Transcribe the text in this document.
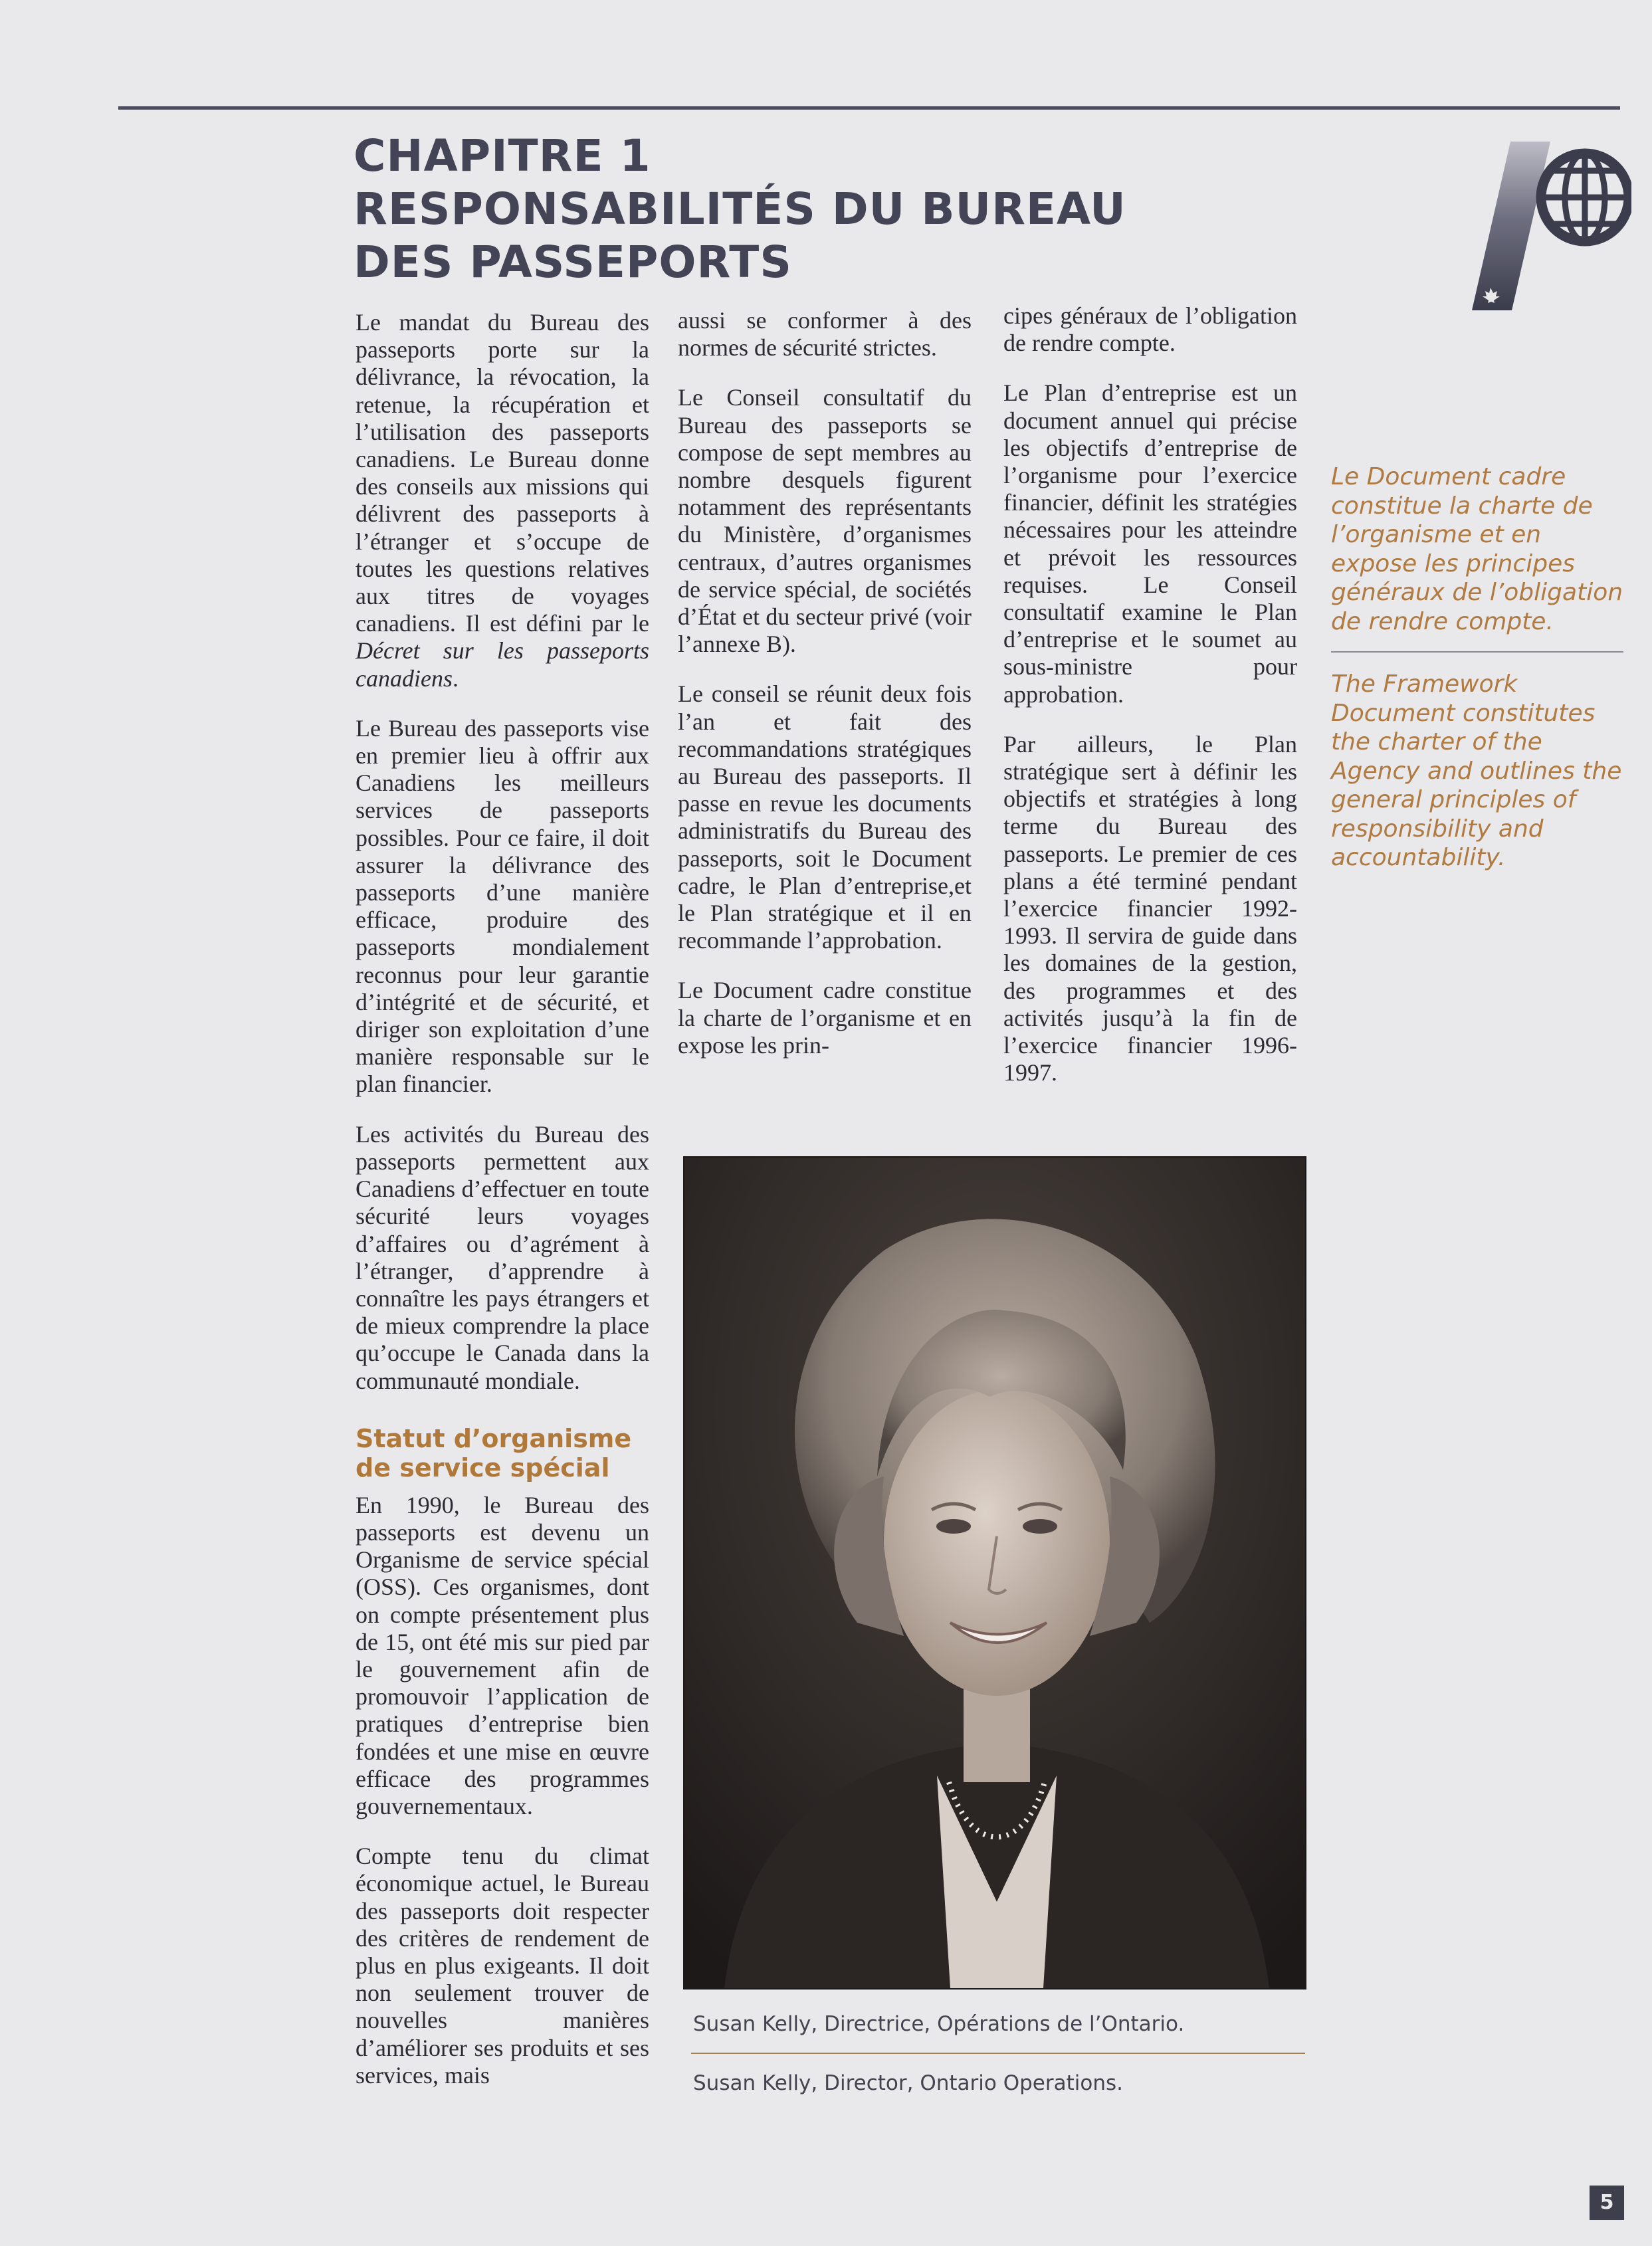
CHAPITRE 1
RESPONSABILITÉS DU BUREAU
DES PASSEPORTS

Le mandat du Bureau des passeports porte sur la délivrance, la révocation, la retenue, la récupération et l’utilisation des passeports canadiens. Le Bureau donne des conseils aux missions qui délivrent des passeports à l’étranger et s’occupe de toutes les questions relatives aux titres de voyages canadiens. Il est défini par le Décret sur les passeports canadiens.

Le Bureau des passeports vise en premier lieu à offrir aux Canadiens les meilleurs services de passeports possibles. Pour ce faire, il doit assurer la délivrance des passeports d’une manière efficace, produire des passeports mondialement reconnus pour leur garantie d’intégrité et de sécurité, et diriger son exploitation d’une manière responsable sur le plan financier.

Les activités du Bureau des passeports permettent aux Canadiens d’effectuer en toute sécurité leurs voyages d’affaires ou d’agrément à l’étranger, d’apprendre à connaître les pays étrangers et de mieux comprendre la place qu’occupe le Canada dans la communauté mondiale.

Statut d’organisme de service spécial

En 1990, le Bureau des passeports est devenu un Organisme de service spécial (OSS). Ces organismes, dont on compte présentement plus de 15, ont été mis sur pied par le gouvernement afin de promouvoir l’application de pratiques d’entreprise bien fondées et une mise en œuvre efficace des programmes gouvernementaux.

Compte tenu du climat économique actuel, le Bureau des passeports doit respecter des critères de rendement de plus en plus exigeants. Il doit non seulement trouver de nouvelles manières d’améliorer ses produits et ses services, mais

aussi se conformer à des normes de sécurité strictes.

Le Conseil consultatif du Bureau des passeports se compose de sept membres au nombre desquels figurent notamment des représentants du Ministère, d’organismes centraux, d’autres organismes de service spécial, de sociétés d’État et du secteur privé (voir l’annexe B).

Le conseil se réunit deux fois l’an et fait des recommandations stratégiques au Bureau des passeports. Il passe en revue les documents administratifs du Bureau des passeports, soit le Document cadre, le Plan d’entreprise,et le Plan stratégique et il en recommande l’approbation.

Le Document cadre constitue la charte de l’organisme et en expose les prin-

cipes généraux de l’obligation de rendre compte.

Le Plan d’entreprise est un document annuel qui précise les objectifs d’entreprise de l’organisme pour l’exercice financier, définit les stratégies nécessaires pour les atteindre et prévoit les ressources requises. Le Conseil consultatif examine le Plan d’entreprise et le soumet au sous-ministre pour approbation.

Par ailleurs, le Plan stratégique sert à définir les objectifs et stratégies à long terme du Bureau des passeports. Le premier de ces plans a été terminé pendant l’exercice financier 1992-1993. Il servira de guide dans les domaines de la gestion, des programmes et des activités jusqu’à la fin de l’exercice financier 1996-1997.

Le Document cadre constitue la charte de l’organisme et en expose les principes généraux de l’obligation de rendre compte.
The Framework Document constitutes the charter of the Agency and outlines the general principles of responsibility and accountability.
Susan Kelly, Directrice, Opérations de l’Ontario.
Susan Kelly, Director, Ontario Operations.
5
